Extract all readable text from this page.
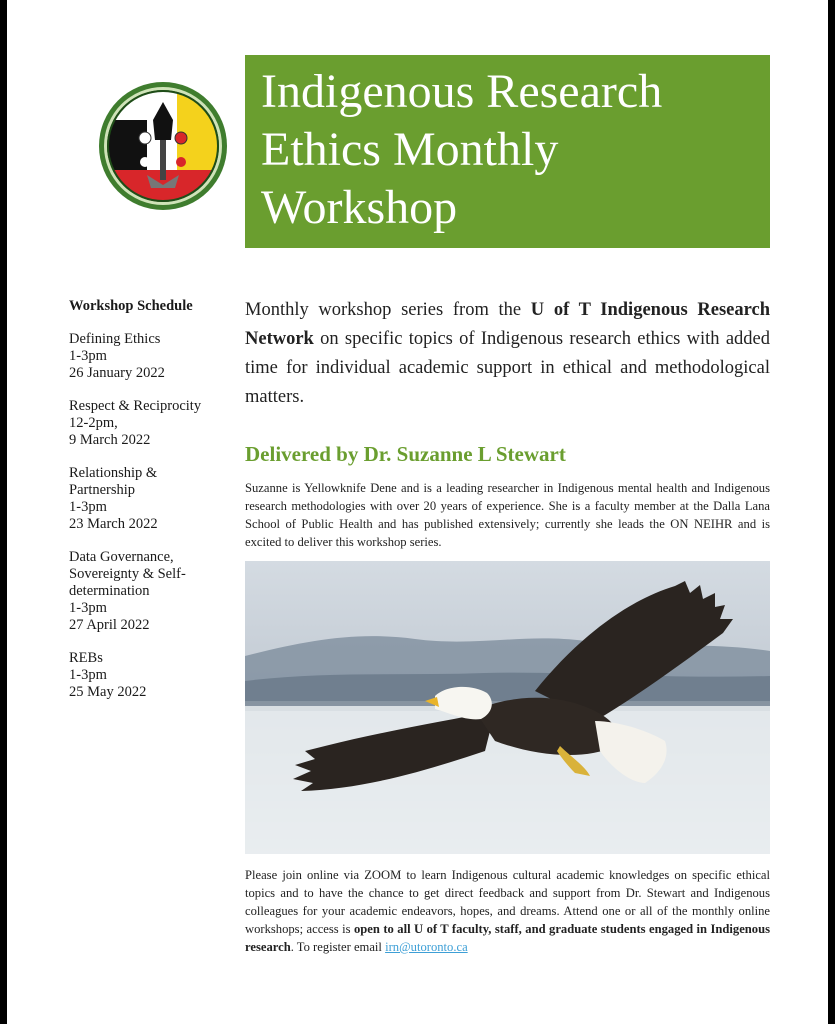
Indigenous Research
Ethics Monthly
Workshop
Workshop Schedule
Defining Ethics
1-3pm
26 January 2022
Respect & Reciprocity
12-2pm,
9 March 2022
Relationship &
Partnership
1-3pm
23 March 2022
Data Governance,
Sovereignty & Self-
determination
1-3pm
27 April 2022
REBs
1-3pm
25 May 2022

Monthly workshop series from the U of T Indigenous Research Network on specific topics of Indigenous research ethics with added time for individual academic support in ethical and methodological matters.

Delivered by Dr. Suzanne L Stewart

Suzanne is Yellowknife Dene and is a leading researcher in Indigenous mental health and Indigenous research methodologies with over 20 years of experience. She is a faculty member at the Dalla Lana School of Public Health and has published extensively; currently she leads the ON NEIHR and is excited to deliver this workshop series.

Please join online via ZOOM to learn Indigenous cultural academic knowledges on specific ethical topics and to have the chance to get direct feedback and support from Dr. Stewart and Indigenous colleagues for your academic endeavors, hopes, and dreams. Attend one or all of the monthly online workshops; access is open to all U of T faculty, staff, and graduate students engaged in Indigenous research. To register email irn@utoronto.ca
